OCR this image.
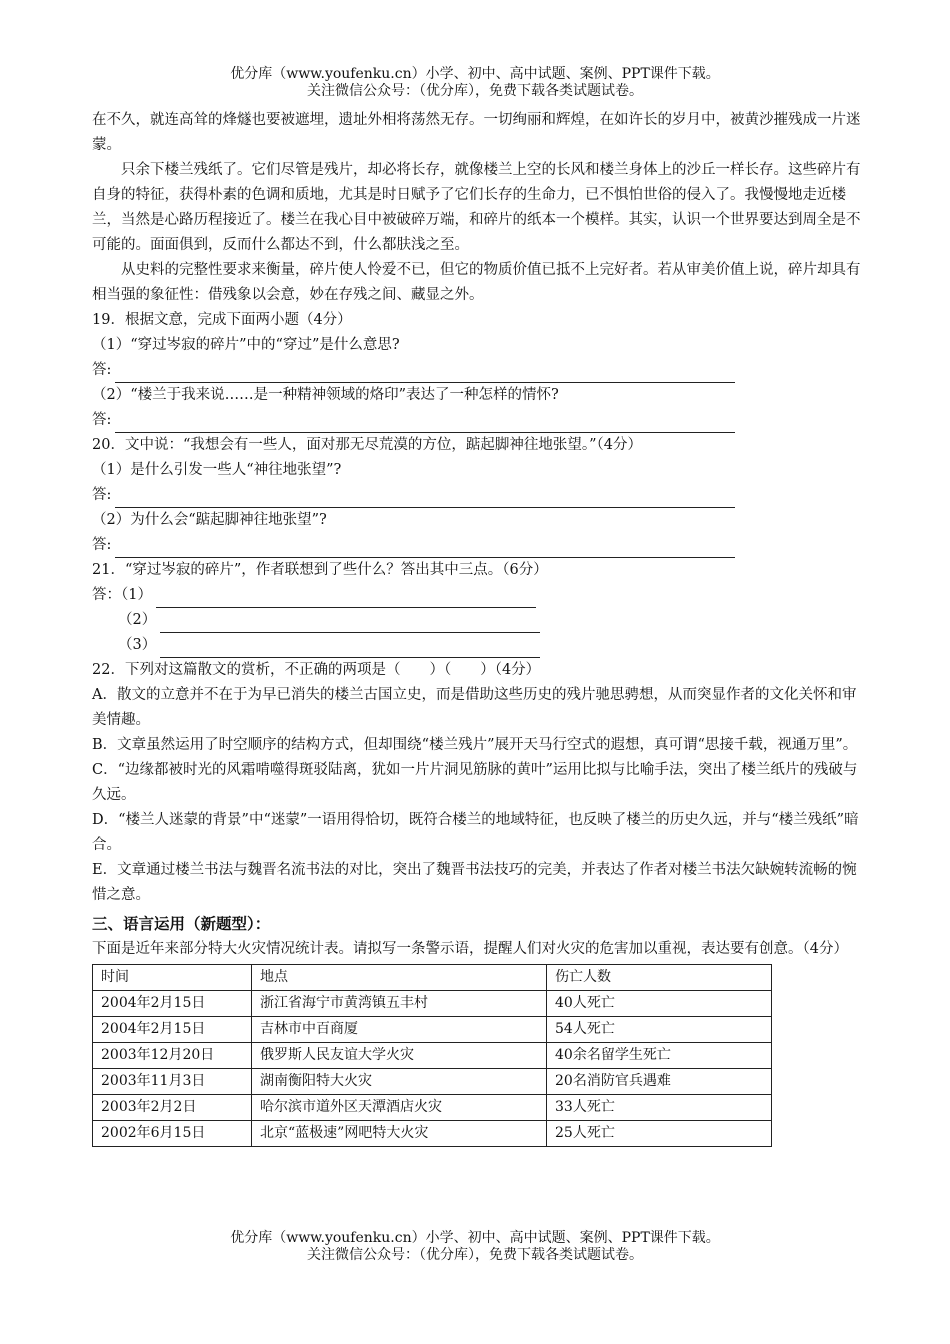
优分库（www.youfenku.cn）小学、初中、高中试题、案例、PPT课件下载。
关注微信公众号：（优分库），免费下载各类试题试卷。

在不久，就连高耸的烽燧也要被遮埋，遗址外相将荡然无存。一切绚丽和辉煌，在如许长的岁月中，被黄沙摧残成一片迷蒙。

只余下楼兰残纸了。它们尽管是残片，却必将长存，就像楼兰上空的长风和楼兰身体上的沙丘一样长存。这些碎片有自身的特征，获得朴素的色调和质地，尤其是时日赋予了它们长存的生命力，已不惧怕世俗的侵入了。我慢慢地走近楼兰，当然是心路历程接近了。楼兰在我心目中被破碎万端，和碎片的纸本一个模样。其实，认识一个世界要达到周全是不可能的。面面俱到，反而什么都达不到，什么都肤浅之至。

从史料的完整性要求来衡量，碎片使人怜爱不已，但它的物质价值已抵不上完好者。若从审美价值上说，碎片却具有相当强的象征性：借残象以会意，妙在存残之间、藏显之外。

19．根据文意，完成下面两小题（4分）

（1）“穿过岑寂的碎片”中的“穿过”是什么意思?

答:

（2）“楼兰于我来说……是一种精神领域的烙印”表达了一种怎样的情怀?

答:

20．文中说：“我想会有一些人，面对那无尽荒漠的方位，踮起脚神往地张望。”（4分）

（1）是什么引发一些人“神往地张望”?

答:

（2）为什么会“踮起脚神往地张望”?

答:

21．“穿过岑寂的碎片”，作者联想到了些什么？答出其中三点。（6分）

答：（1）
（2）
（3）

22．下列对这篇散文的赏析，不正确的两项是（　　）（　　）（4分）

A．散文的立意并不在于为早已消失的楼兰古国立史，而是借助这些历史的残片驰思骋想，从而突显作者的文化关怀和审美情趣。

B．文章虽然运用了时空顺序的结构方式，但却围绕“楼兰残片”展开天马行空式的遐想，真可谓“思接千载，视通万里”。

C．“边缘都被时光的风霜啃噬得斑驳陆离，犹如一片片洞见筋脉的黄叶”运用比拟与比喻手法，突出了楼兰纸片的残破与久远。

D．“楼兰人迷蒙的背景”中“迷蒙”一语用得恰切，既符合楼兰的地域特征，也反映了楼兰的历史久远，并与“楼兰残纸”暗合。

E．文章通过楼兰书法与魏晋名流书法的对比，突出了魏晋书法技巧的完美，并表达了作者对楼兰书法欠缺婉转流畅的惋惜之意。

三、语言运用（新题型）：

下面是近年来部分特大火灾情况统计表。请拟写一条警示语，提醒人们对火灾的危害加以重视，表达要有创意。（4分）

时间	地点	伤亡人数
2004年2月15日	浙江省海宁市黄湾镇五丰村	40人死亡
2004年2月15日	吉林市中百商厦	54人死亡
2003年12月20日	俄罗斯人民友谊大学火灾	40余名留学生死亡
2003年11月3日	湖南衡阳特大火灾	20名消防官兵遇难
2003年2月2日	哈尔滨市道外区天潭酒店火灾	33人死亡
2002年6月15日	北京“蓝极速”网吧特大火灾	25人死亡
优分库（www.youfenku.cn）小学、初中、高中试题、案例、PPT课件下载。
关注微信公众号：（优分库），免费下载各类试题试卷。
